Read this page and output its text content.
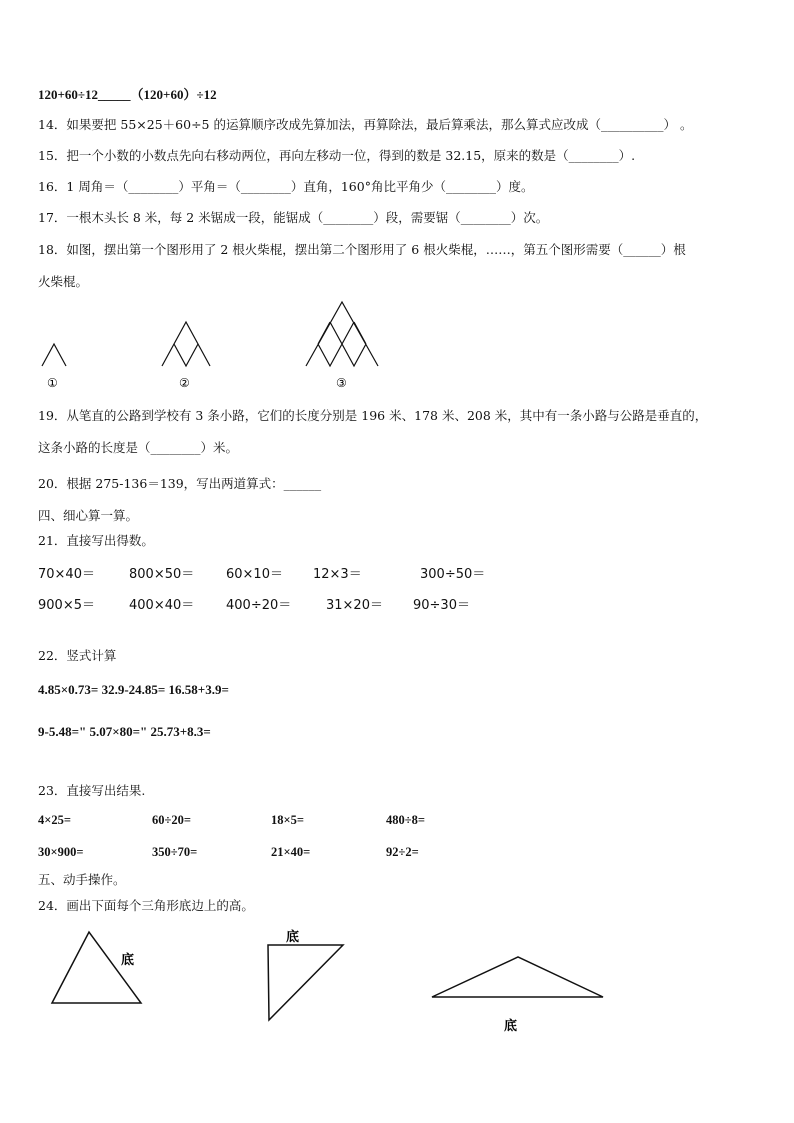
120+60÷12_____（120+60）÷12
14．如果要把 55×25＋60÷5 的运算顺序改成先算加法，再算除法，最后算乘法，那么算式应改成（__________） 。
15．把一个小数的小数点先向右移动两位，再向左移动一位，得到的数是 32.15，原来的数是（________）.
16．1 周角＝（________）平角＝（________）直角，160°角比平角少（________）度。
17．一根木头长 8 米，每 2 米锯成一段，能锯成（________）段，需要锯（________）次。
18．如图，摆出第一个图形用了 2 根火柴棍，摆出第二个图形用了 6 根火柴棍，……，第五个图形需要（______）根
火柴棍。
①	②	③
19．从笔直的公路到学校有 3 条小路，它们的长度分别是 196 米、178 米、208 米，其中有一条小路与公路是垂直的，
这条小路的长度是（________）米。
20．根据 275-136＝139，写出两道算式：______
四、细心算一算。
21．直接写出得数。
70×40＝	800×50＝ 60×10＝ 12×3＝	300÷50＝
900×5＝	400×40＝ 400÷20＝	31×20＝ 90÷30＝
22．竖式计算
4.85×0.73= 32.9-24.85= 16.58+3.9=
9-5.48=" 5.07×80=" 25.73+8.3=
23．直接写出结果.
4×25=	60÷20=	18×5=	480÷8=
30×900=	350÷70=	21×40=	92÷2=
五、动手操作。
24．画出下面每个三角形底边上的高。
底
底
底
